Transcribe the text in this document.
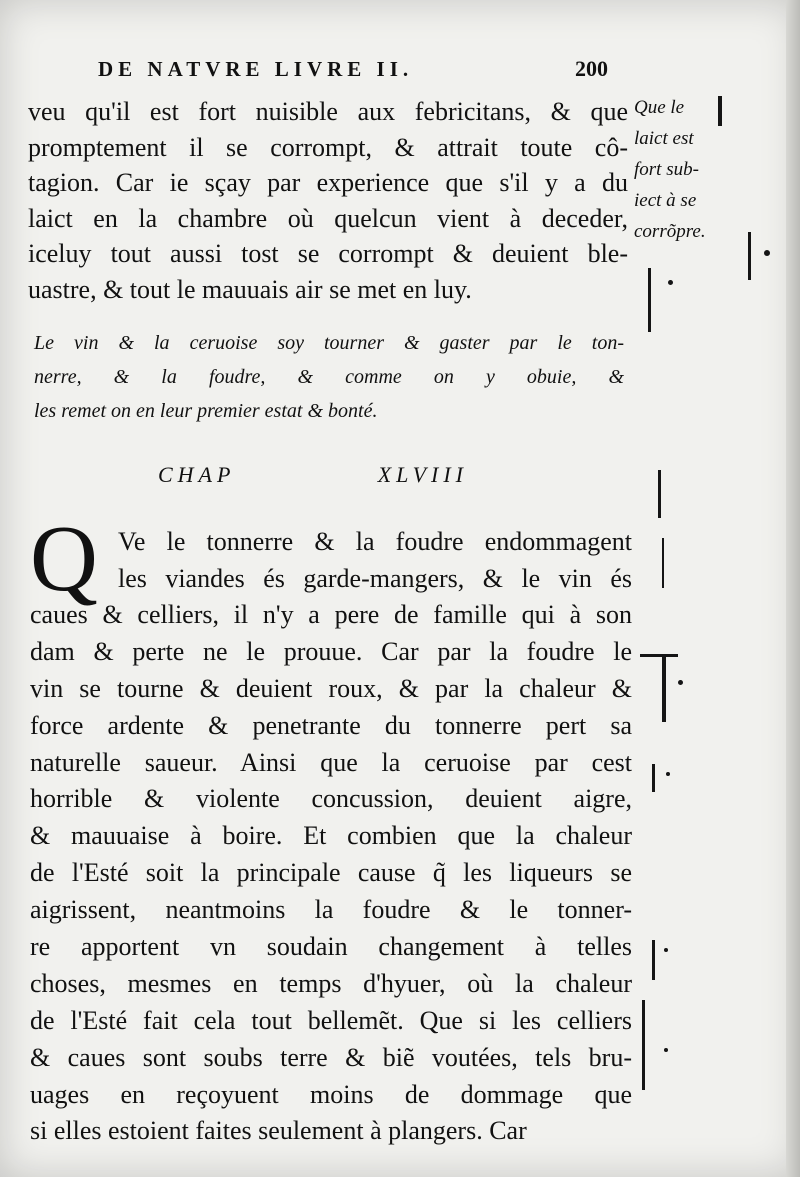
DE NATVRE LIVRE II.	200
veu qu'il est fort nuisible aux febricitans, & que
promptement il se corrompt, & attrait toute cô-
tagion. Car ie sçay par experience que s'il y a du
laict en la chambre où quelcun vient à deceder,
iceluy tout aussi tost se corrompt & deuient ble-
uastre, & tout le mauuais air se met en luy.
Que le
laict est
fort sub-
iect à se
corrõpre.
Le vin & la ceruoise soy tourner & gaster par le ton-
nerre, & la foudre, & comme on y obuie, &
les remet on en leur premier estat & bonté.
CHAP	XLVIII
Q Ve le tonnerre & la foudre endommagent
les viandes és garde-mangers, & le vin és
caues & celliers, il n'y a pere de famille qui à son
dam & perte ne le prouue. Car par la foudre le
vin se tourne & deuient roux, & par la chaleur &
force ardente & penetrante du tonnerre pert sa
naturelle saueur. Ainsi que la ceruoise par cest
horrible & violente concussion, deuient aigre,
& mauuaise à boire. Et combien que la chaleur
de l'Esté soit la principale cause q̃ les liqueurs se
aigrissent, neantmoins la foudre & le tonner-
re apportent vn soudain changement à telles
choses, mesmes en temps d'hyuer, où la chaleur
de l'Esté fait cela tout bellemẽt. Que si les celliers
& caues sont soubs terre & biẽ voutées, tels bru-
uages en reçoyuent moins de dommage que
si elles estoient faites seulement à plangers. Car
